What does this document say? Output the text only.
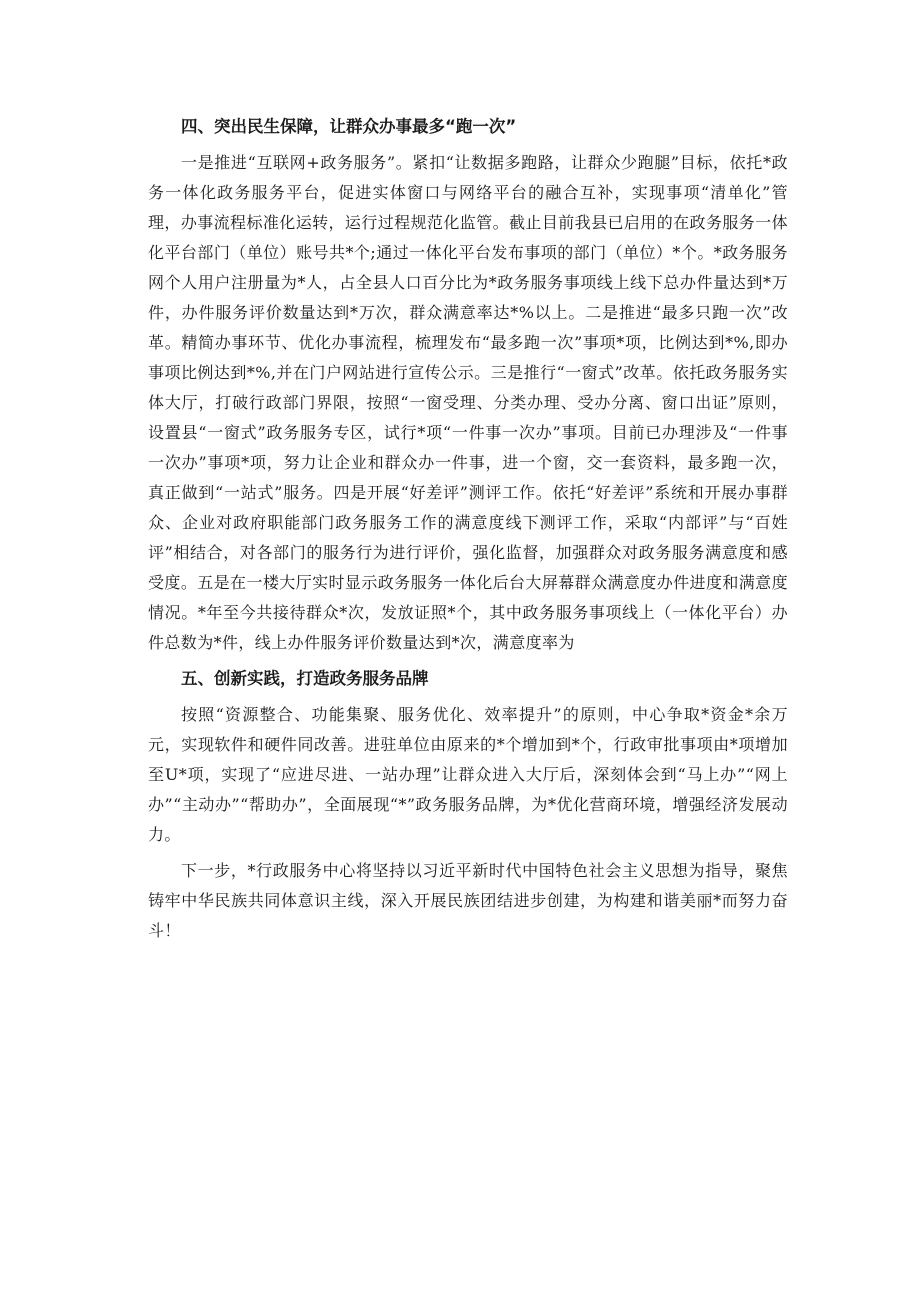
四、突出民生保障，让群众办事最多“跑一次”

一是推进“互联网+政务服务”。紧扣“让数据多跑路，让群众少跑腿”目标，依托*政务一体化政务服务平台，促进实体窗口与网络平台的融合互补，实现事项“清单化”管理，办事流程标准化运转，运行过程规范化监管。截止目前我县已启用的在政务服务一体化平台部门（单位）账号共*个;通过一体化平台发布事项的部门（单位）*个。*政务服务网个人用户注册量为*人，占全县人口百分比为*政务服务事项线上线下总办件量达到*万件，办件服务评价数量达到*万次，群众满意率达*%以上。二是推进“最多只跑一次”改革。精简办事环节、优化办事流程，梳理发布“最多跑一次”事项*项，比例达到*%,即办事项比例达到*%,并在门户网站进行宣传公示。三是推行“一窗式”改革。依托政务服务实体大厅，打破行政部门界限，按照“一窗受理、分类办理、受办分离、窗口出证”原则，设置县“一窗式”政务服务专区，试行*项“一件事一次办”事项。目前已办理涉及“一件事一次办”事项*项，努力让企业和群众办一件事，进一个窗，交一套资料，最多跑一次，真正做到“一站式”服务。四是开展“好差评”测评工作。依托“好差评”系统和开展办事群众、企业对政府职能部门政务服务工作的满意度线下测评工作，采取“内部评”与“百姓评”相结合，对各部门的服务行为进行评价，强化监督，加强群众对政务服务满意度和感受度。五是在一楼大厅实时显示政务服务一体化后台大屏幕群众满意度办件进度和满意度情况。*年至今共接待群众*次，发放证照*个，其中政务服务事项线上（一体化平台）办件总数为*件，线上办件服务评价数量达到*次，满意度率为

五、创新实践，打造政务服务品牌

按照“资源整合、功能集聚、服务优化、效率提升”的原则，中心争取*资金*余万元，实现软件和硬件同改善。进驻单位由原来的*个增加到*个，行政审批事项由*项增加至U*项，实现了“应进尽进、一站办理”让群众进入大厅后，深刻体会到“马上办”“网上办”“主动办”“帮助办”，全面展现“*”政务服务品牌，为*优化营商环境，增强经济发展动力。

下一步，*行政服务中心将坚持以习近平新时代中国特色社会主义思想为指导，聚焦铸牢中华民族共同体意识主线，深入开展民族团结进步创建，为构建和谐美丽*而努力奋斗！
